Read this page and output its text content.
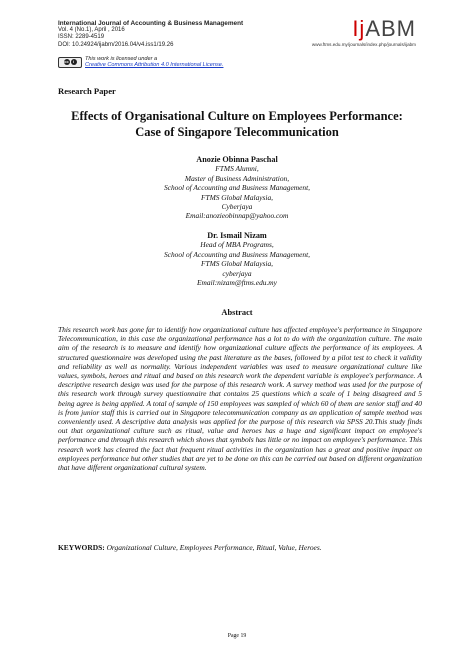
International Journal of Accounting & Business Management
Vol. 4 (No.1), April , 2016
ISSN: 2289-4519
DOI: 10.24924/ijabm/2016.04/v4.iss1/19.26
cc	i	This work is licensed under a
Creative Commons Attribution 4.0 International License.
IjABM
www.ftms.edu.my/journals/index.php/journals/ijabm
Research Paper
Effects of Organisational Culture on Employees Performance:
Case of Singapore Telecommunication
Anozie Obinna Paschal
FTMS Alumni,
Master of Business Administration,
School of Accounting and Business Management,
FTMS Global Malaysia,
Cyberjaya
Email:anozieobinnap@yahoo.com
Dr. Ismail Nizam
Head of MBA Programs,
School of Accounting and Business Management,
FTMS Global Malaysia,
cyberjaya
Email:nizam@ftms.edu.my
Abstract
This research work has gone far to identify how organizational culture has affected employee's performance in Singapore Telecommunication, in this case the organizational performance has a lot to do with the organization culture. The main aim of the research is to measure and identify how organizational culture affects the performance of its employees. A structured questionnaire was developed using the past literature as the bases, followed by a pilot test to check it validity and reliability as well as normality. Various independent variables was used to measure organizational culture like values, symbols, heroes and ritual and based on this research work the dependent variable is employee's performance. A descriptive research design was used for the purpose of this research work. A survey method was used for the purpose of this research work through survey questionnaire that contains 25 questions which a scale of 1 being disagreed and 5 being agree is being applied. A total of sample of 150 employees was sampled of which 60 of them are senior staff and 40 is from junior staff this is carried out in Singapore telecommunication company as an application of sample method was conveniently used. A descriptive data analysis was applied for the purpose of this research via SPSS 20.This study finds out that organizational culture such as ritual, value and heroes has a huge and significant impact on employee's performance and through this research which shows that symbols has little or no impact on employee's performance. This research work has cleared the fact that frequent ritual activities in the organization has a great and positive impact on employees performance but other studies that are yet to be done on this can be carried out based on different organization that have different organizational cultural system.
KEYWORDS: Organizational Culture, Employees Performance, Ritual, Value, Heroes.
Page 19
